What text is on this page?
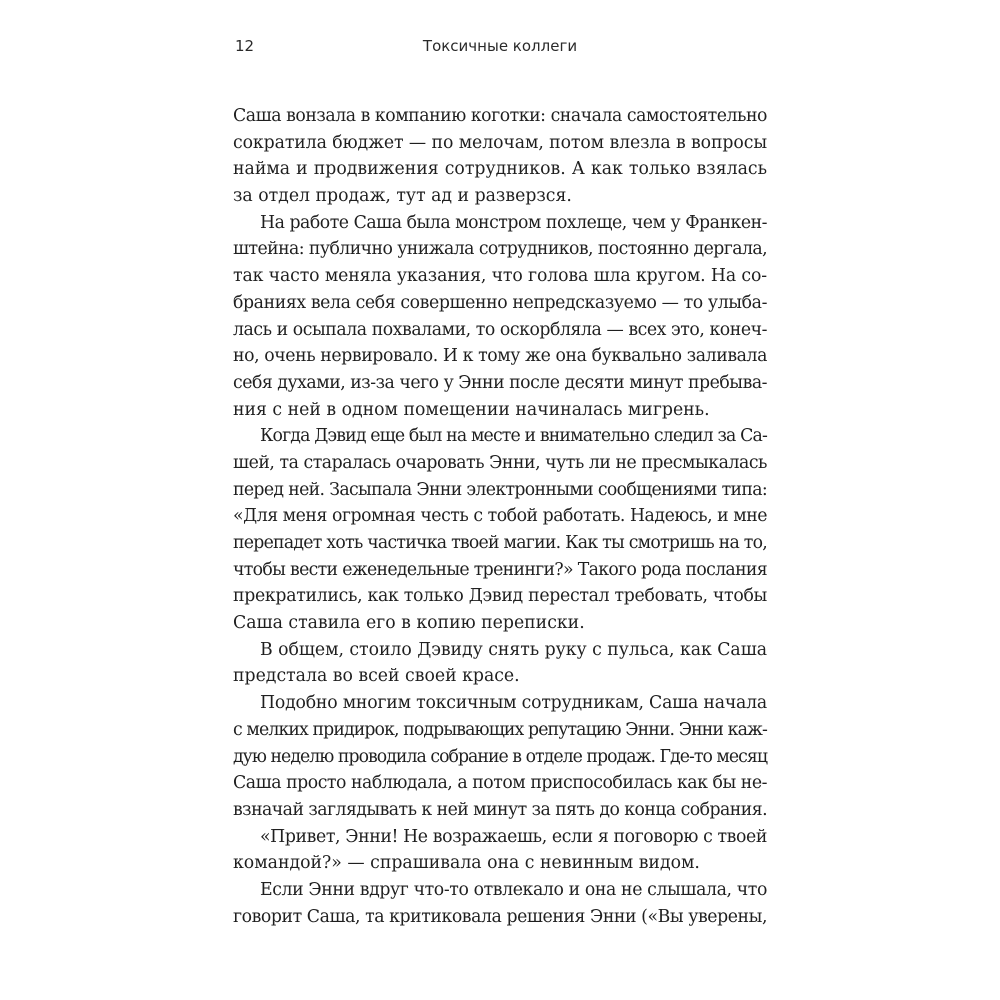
12	Токсичные коллеги
Саша вонзала в компанию коготки: сначала самостоятельно
сократила бюджет — по мелочам, потом влезла в вопросы
найма и продвижения сотрудников. А как только взялась
за отдел продаж, тут ад и разверзся.
На работе Саша была монстром похлеще, чем у Франкен-
штейна: публично унижала сотрудников, постоянно дергала,
так часто меняла указания, что голова шла кругом. На со-
браниях вела себя совершенно непредсказуемо — то улыба-
лась и осыпала похвалами, то оскорбляла — всех это, конеч-
но, очень нервировало. И к тому же она буквально заливала
себя духами, из-за чего у Энни после десяти минут пребыва-
ния с ней в одном помещении начиналась мигрень.
Когда Дэвид еще был на месте и внимательно следил за Са-
шей, та старалась очаровать Энни, чуть ли не пресмыкалась
перед ней. Засыпала Энни электронными сообщениями типа:
«Для меня огромная честь с тобой работать. Надеюсь, и мне
перепадет хоть частичка твоей магии. Как ты смотришь на то,
чтобы вести еженедельные тренинги?» Такого рода послания
прекратились, как только Дэвид перестал требовать, чтобы
Саша ставила его в копию переписки.
В общем, стоило Дэвиду снять руку с пульса, как Саша
предстала во всей своей красе.
Подобно многим токсичным сотрудникам, Саша начала
с мелких придирок, подрывающих репутацию Энни. Энни каж-
дую неделю проводила собрание в отделе продаж. Где-то месяц
Саша просто наблюдала, а потом приспособилась как бы не-
взначай заглядывать к ней минут за пять до конца собрания.
«Привет, Энни! Не возражаешь, если я поговорю с твоей
командой?» — спрашивала она с невинным видом.
Если Энни вдруг что-то отвлекало и она не слышала, что
говорит Саша, та критиковала решения Энни («Вы уверены,
